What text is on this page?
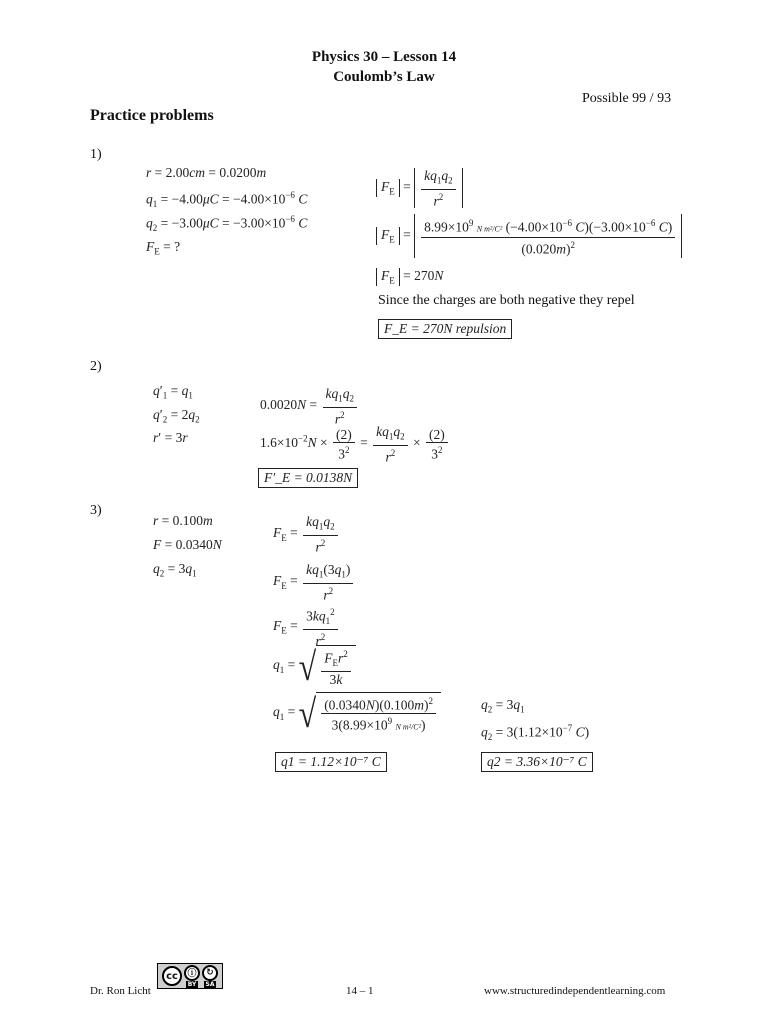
Physics 30 – Lesson 14
Coulomb’s Law
Possible 99 / 93
Practice problems
1)
r = 2.00cm = 0.0200m
$q_1 = -4.00\mu C = -4.00\times 10^{-6}$ C
$q_2 = -3.00\mu C = -3.00\times 10^{-6}$ C
$F_E$ = ?
$F_E = \frac{kq_1q_2}{r^2}$
$F_E = \frac{8.99\times 10^9 N m^2/C^2 (-4.00\times 10^{-6} C)(-3.00\times 10^{-6} C)}{(0.020m)^2}$
$F_E = 270N$
Since the charges are both negative they repel
F_E = 270N repulsion
2)
$q'_1 = q_1$
$q'_2 = 2q_2$
r′ = 3r
$0.0020N = \frac{kq_1q_2}{r^2}$
$1.6\times 10^{-2}N \times \frac{(2)}{3^2} = \frac{kq_1q_2}{r^2} \times \frac{(2)}{3^2}$
F′_E = 0.0138N
3)
r = 0.100m
F = 0.0340N
$q_2 = 3q_1$
$F_E = \frac{kq_1q_2}{r^2}$
$F_E = \frac{kq_1(3q_1)}{r^2}$
$F_E = \frac{3kq_1^2}{r^2}$
$q_1$ = √ $\frac{F_Er^2}{3k}$
$q_1$ = √ $\frac{(0.0340N)(0.100m)^2}{3(8.99\times 10^9 N m^2/C^2)}$
q1 = 1.12×10⁻⁷ C
$q_2 = 3q_1$
$q_2 = 3(1.12\times 10^{-7}$ C)
q2 = 3.36×10⁻⁷ C
Dr. Ron Licht
cc	ⓘ
BY
↻
SA
14 – 1	www.structuredindependentlearning.com
